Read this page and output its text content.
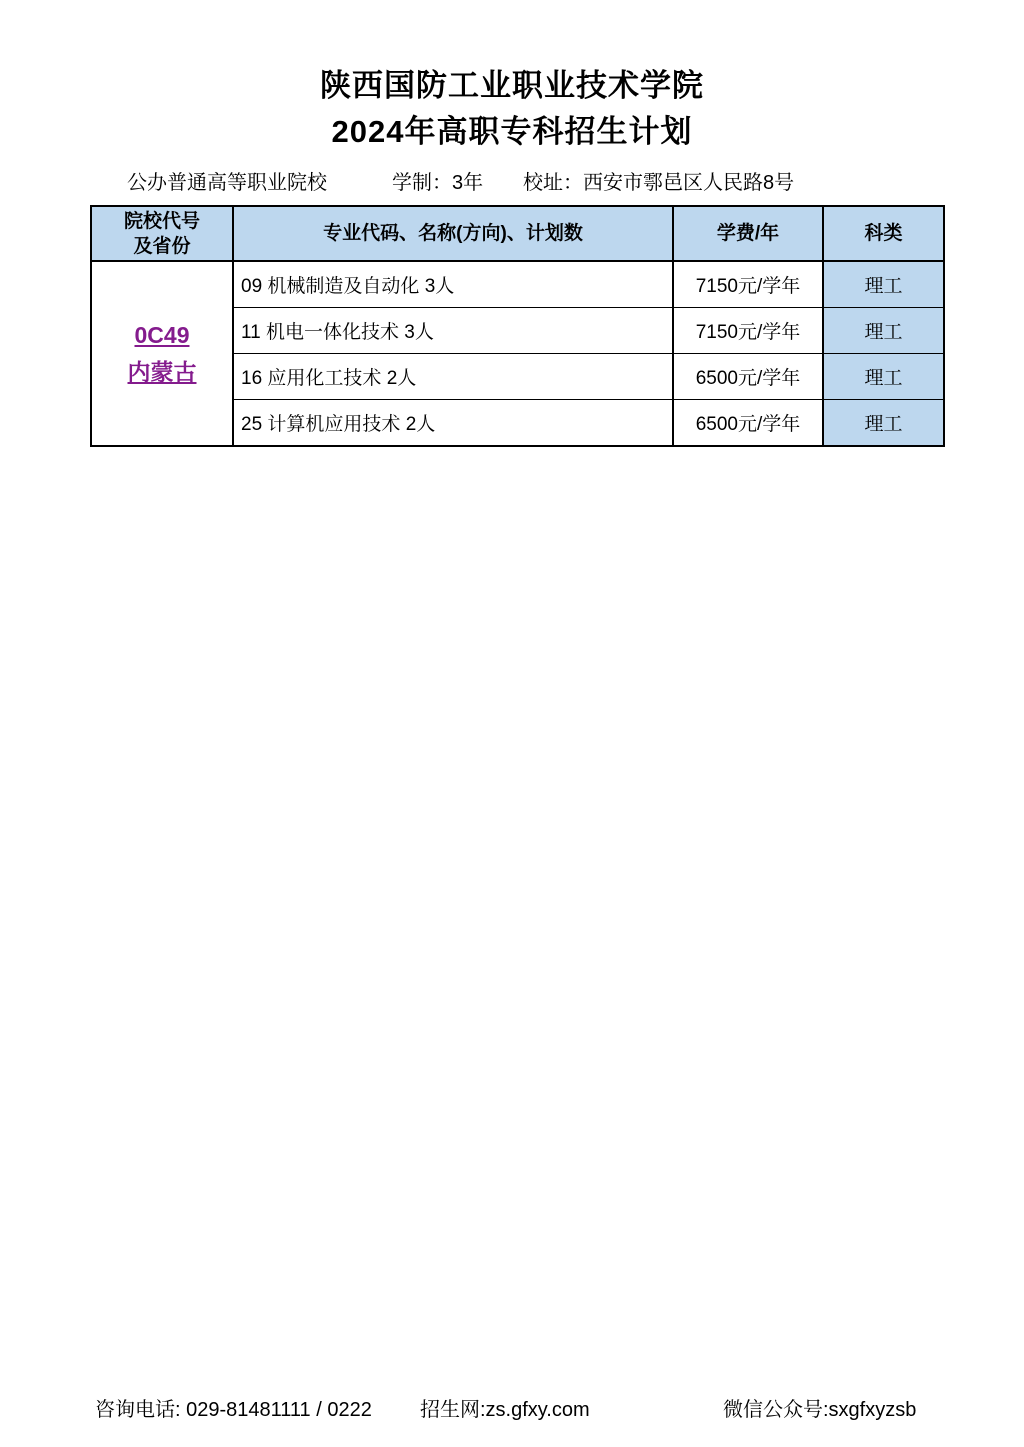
陕西国防工业职业技术学院
2024年高职专科招生计划
公办普通高等职业院校	学制：3年 校址：西安市鄠邑区人民路8号
院校代号
及省份	专业代码、名称(方向)、计划数	学费/年	科类

0C49
内蒙古	09 机械制造及自动化 3人	7150元/学年	理工
	11 机电一体化技术 3人	7150元/学年	理工
	16 应用化工技术 2人	6500元/学年	理工
	25 计算机应用技术 2人	6500元/学年	理工
咨询电话: 029-81481111 / 0222 招生网:zs.gfxy.com	微信公众号:sxgfxyzsb
